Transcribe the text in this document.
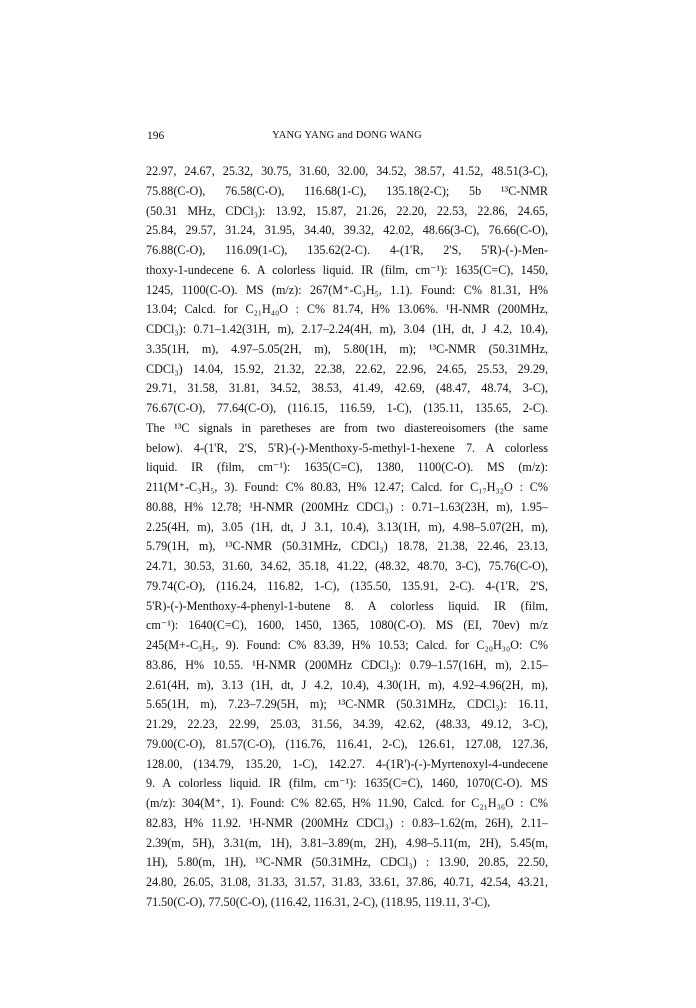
196	YANG YANG and DONG WANG
22.97, 24.67, 25.32, 30.75, 31.60, 32.00, 34.52, 38.57, 41.52, 48.51(3-C),
75.88(C-O), 76.58(C-O), 116.68(1-C), 135.18(2-C); 5b ¹³C-NMR
(50.31 MHz, CDCl₃): 13.92, 15.87, 21.26, 22.20, 22.53, 22.86, 24.65,
25.84, 29.57, 31.24, 31.95, 34.40, 39.32, 42.02, 48.66(3-C), 76.66(C-O),
76.88(C-O), 116.09(1-C), 135.62(2-C). 4-(1'R, 2'S, 5'R)-(-)-Men-
thoxy-1-undecene 6. A colorless liquid. IR (film, cm⁻¹): 1635(C=C), 1450,
1245, 1100(C-O). MS (m/z): 267(M⁺-C₃H₅, 1.1). Found: C% 81.31, H%
13.04; Calcd. for C₂₁H₄₀O : C% 81.74, H% 13.06%. ¹H-NMR (200MHz,
CDCl₃): 0.71–1.42(31H, m), 2.17–2.24(4H, m), 3.04 (1H, dt, J 4.2, 10.4),
3.35(1H, m), 4.97–5.05(2H, m), 5.80(1H, m); ¹³C-NMR (50.31MHz,
CDCl₃) 14.04, 15.92, 21.32, 22.38, 22.62, 22.96, 24.65, 25.53, 29.29,
29.71, 31.58, 31.81, 34.52, 38.53, 41.49, 42.69, (48.47, 48.74, 3-C),
76.67(C-O), 77.64(C-O), (116.15, 116.59, 1-C), (135.11, 135.65, 2-C).
The ¹³C signals in paretheses are from two diastereoisomers (the same
below). 4-(1'R, 2'S, 5'R)-(-)-Menthoxy-5-methyl-1-hexene 7. A colorless
liquid. IR (film, cm⁻¹): 1635(C=C), 1380, 1100(C-O). MS (m/z):
211(M⁺-C₃H₅, 3). Found: C% 80.83, H% 12.47; Calcd. for C₁₇H₃₂O : C%
80.88, H% 12.78; ¹H-NMR (200MHz CDCl₃) : 0.71–1.63(23H, m), 1.95–
2.25(4H, m), 3.05 (1H, dt, J 3.1, 10.4), 3.13(1H, m), 4.98–5.07(2H, m),
5.79(1H, m), ¹³C-NMR (50.31MHz, CDCl₃) 18.78, 21.38, 22.46, 23.13,
24.71, 30.53, 31.60, 34.62, 35.18, 41.22, (48.32, 48.70, 3-C), 75.76(C-O),
79.74(C-O), (116.24, 116.82, 1-C), (135.50, 135.91, 2-C). 4-(1'R, 2'S,
5'R)-(-)-Menthoxy-4-phenyl-1-butene 8. A colorless liquid. IR (film,
cm⁻¹): 1640(C=C), 1600, 1450, 1365, 1080(C-O). MS (EI, 70ev) m/z
245(M+-C₃H₅, 9). Found: C% 83.39, H% 10.53; Calcd. for C₂₀H₃₀O: C%
83.86, H% 10.55. ¹H-NMR (200MHz CDCl₃): 0.79–1.57(16H, m), 2.15–
2.61(4H, m), 3.13 (1H, dt, J 4.2, 10.4), 4.30(1H, m), 4.92–4.96(2H, m),
5.65(1H, m), 7.23–7.29(5H, m); ¹³C-NMR (50.31MHz, CDCl₃): 16.11,
21.29, 22.23, 22.99, 25.03, 31.56, 34.39, 42.62, (48.33, 49.12, 3-C),
79.00(C-O), 81.57(C-O), (116.76, 116.41, 2-C), 126.61, 127.08, 127.36,
128.00, (134.79, 135.20, 1-C), 142.27. 4-(1R')-(-)-Myrtenoxyl-4-undecene
9. A colorless liquid. IR (film, cm⁻¹): 1635(C=C), 1460, 1070(C-O). MS
(m/z): 304(M⁺, 1). Found: C% 82.65, H% 11.90, Calcd. for C₂₁H₃₆O : C%
82.83, H% 11.92. ¹H-NMR (200MHz CDCl₃) : 0.83–1.62(m, 26H), 2.11–
2.39(m, 5H), 3.31(m, 1H), 3.81–3.89(m, 2H), 4.98–5.11(m, 2H), 5.45(m,
1H), 5.80(m, 1H), ¹³C-NMR (50.31MHz, CDCl₃) : 13.90, 20.85, 22.50,
24.80, 26.05, 31.08, 31.33, 31.57, 31.83, 33.61, 37.86, 40.71, 42.54, 43.21,
71.50(C-O), 77.50(C-O), (116.42, 116.31, 2-C), (118.95, 119.11, 3'-C),
